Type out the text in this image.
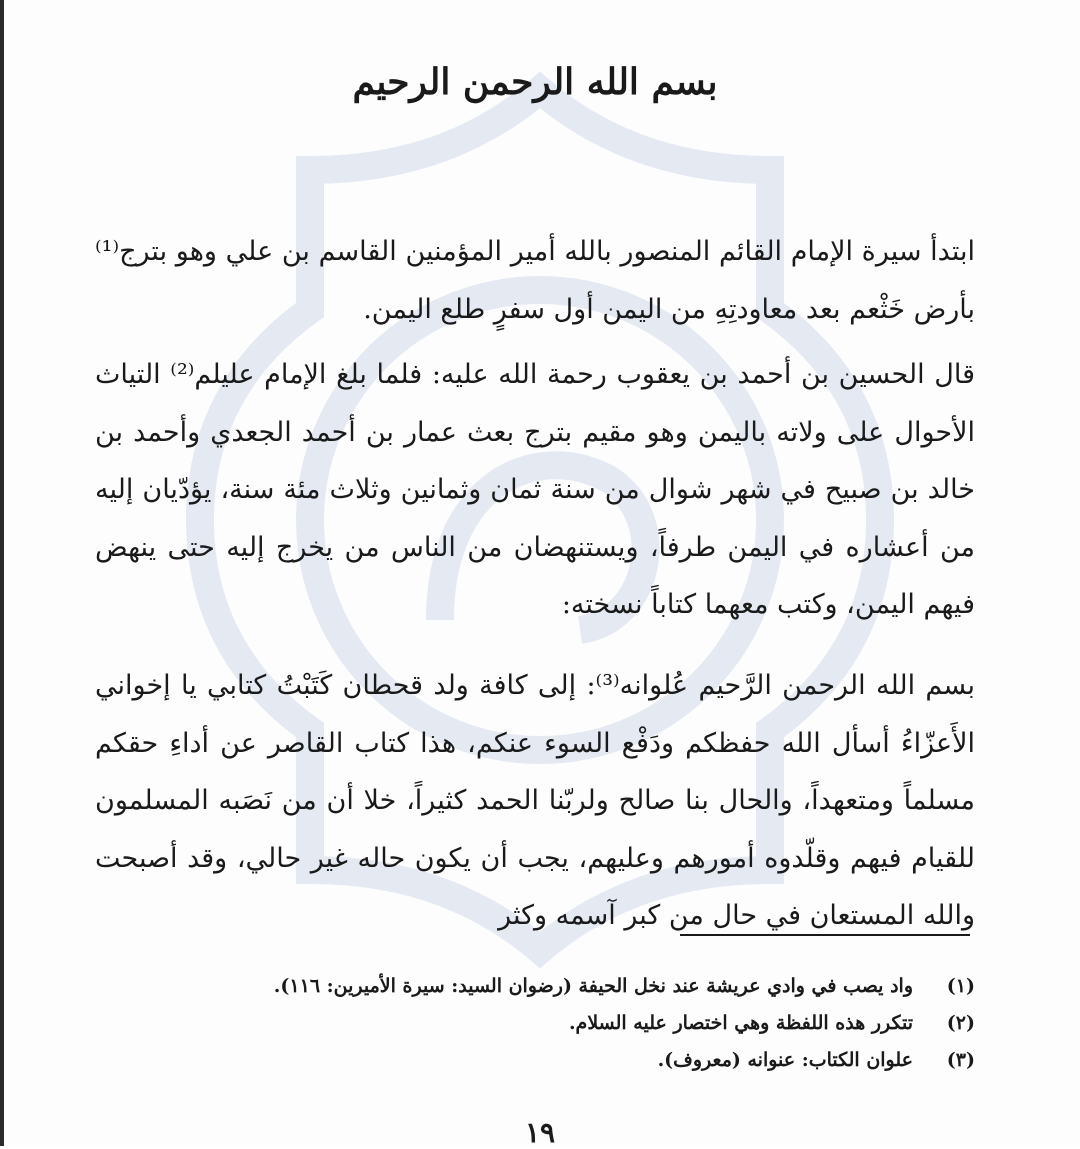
بسم الله الرحمن الرحيم

ابتدأ سيرة الإمام القائم المنصور بالله أمير المؤمنين القاسم بن علي وهو بترج⁽¹⁾ بأرض خَثْعم بعد معاودتِهِ من اليمن أول سفرٍ طلع اليمن.

قال الحسين بن أحمد بن يعقوب رحمة الله عليه: فلما بلغ الإمام عليلم⁽²⁾ التياث الأحوال على ولاته باليمن وهو مقيم بترج بعث عمار بن أحمد الجعدي وأحمد بن خالد بن صبيح في شهر شوال من سنة ثمان وثمانين وثلاث مئة سنة، يؤدّيان إليه من أعشاره في اليمن طرفاً، ويستنهضان من الناس من يخرج إليه حتى ينهض فيهم اليمن، وكتب معهما كتاباً نسخته:

بسم الله الرحمن الرَّحيم عُلوانه⁽³⁾: إلى كافة ولد قحطان كَتَبْتُ كتابي يا إخواني الأَعزّاءُ أسأل الله حفظكم ودَفْع السوء عنكم، هذا كتاب القاصر عن أداءِ حقكم مسلماً ومتعهداً، والحال بنا صالح ولربّنا الحمد كثيراً، خلا أن من نَصَبه المسلمون للقيام فيهم وقلّدوه أمورهم وعليهم، يجب أن يكون حاله غير حالي، وقد أصبحت والله المستعان في حال من كبر آسمه وكثر

(١)
واد يصب في وادي عريشة عند نخل الحيفة (رضوان السيد: سيرة الأميرين: ١١٦).
(٢)
تتكرر هذه اللفظة وهي اختصار عليه السلام.
(٣)
علوان الكتاب: عنوانه (معروف).
١٩
